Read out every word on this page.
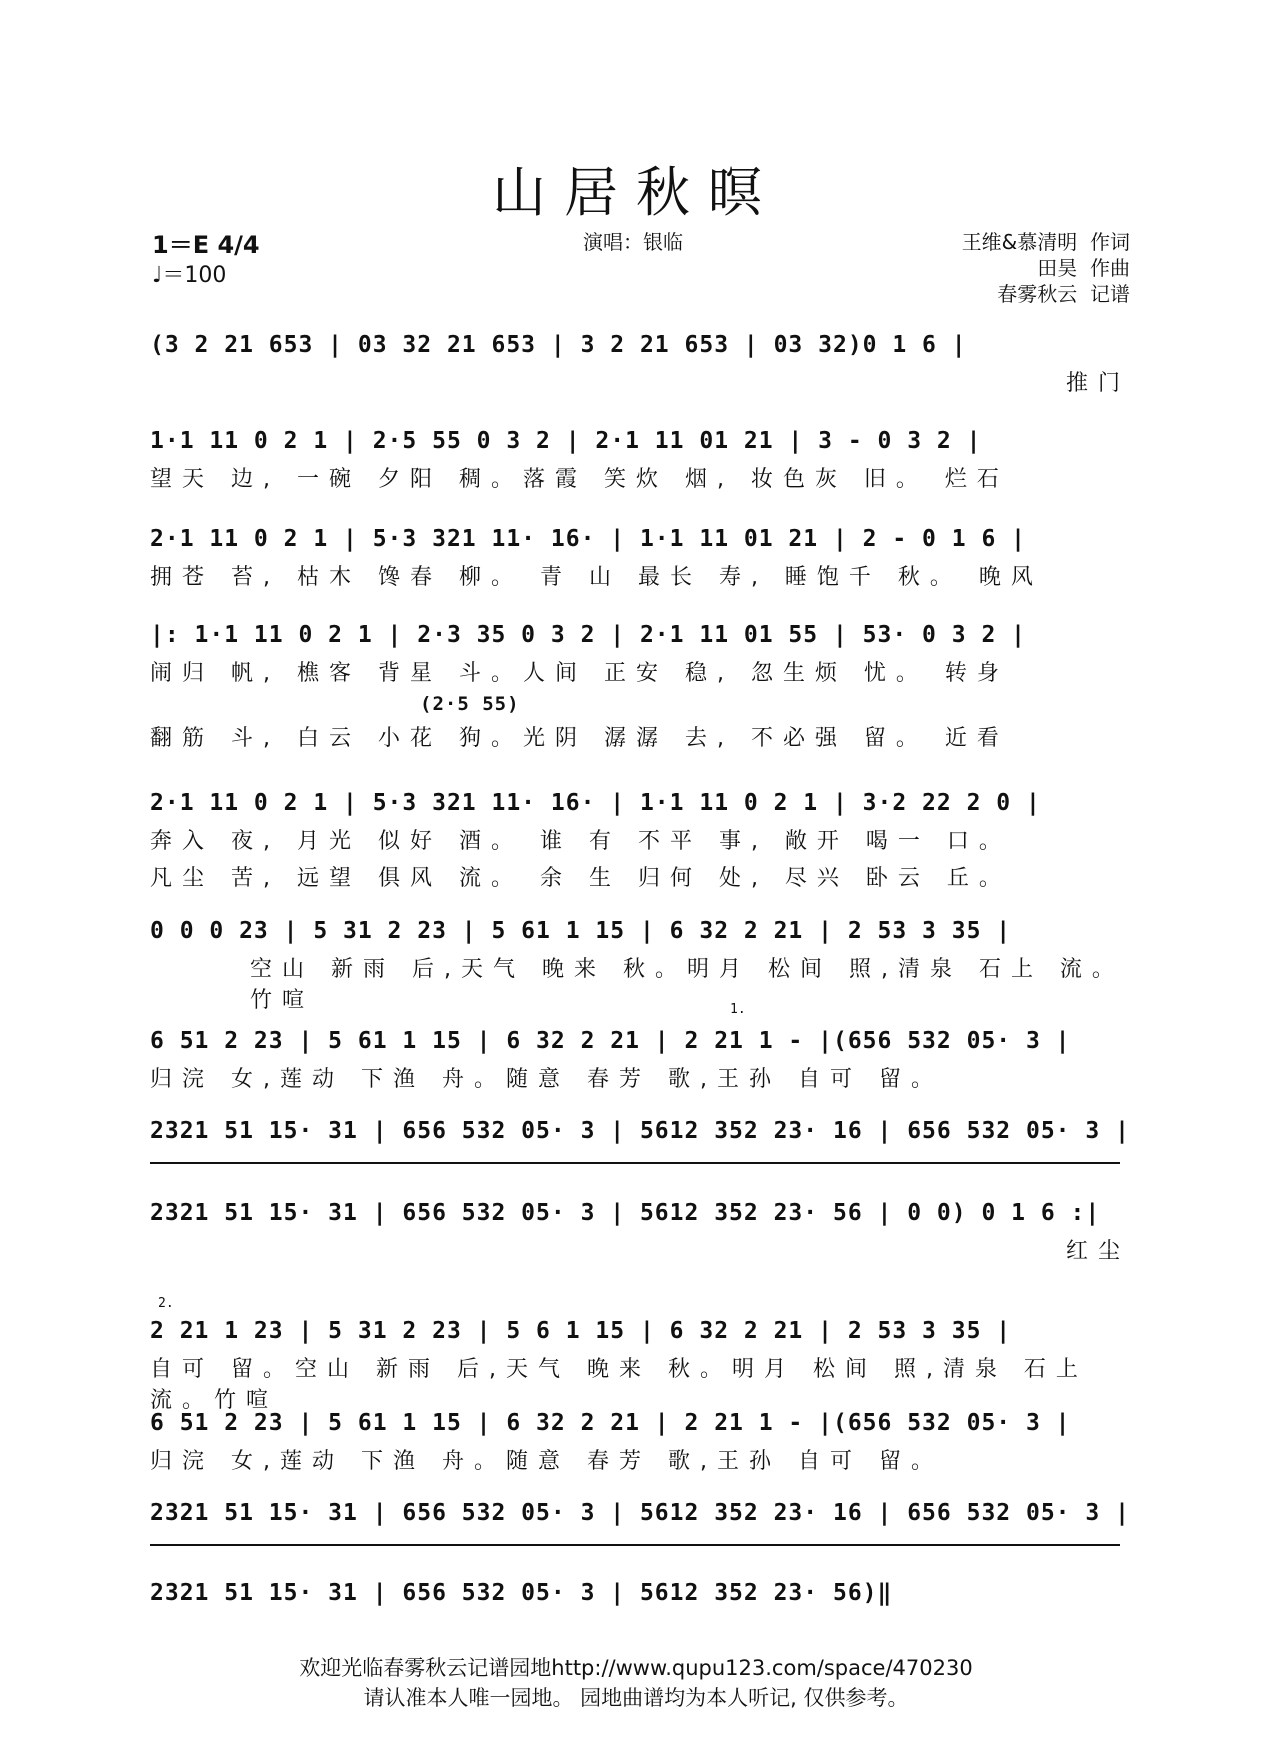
山居秋暝
1＝E 4/4
♩＝100
演唱：银临	王维&慕清明  作词
田昊  作曲
春雾秋云  记谱
(3 2 21 653 | 03 32 21 653 | 3 2 21 653 | 03 32)0 1 6 |
推门
1·1 11 0 2 1 | 2·5 55 0 3 2 | 2·1 11 01 21 | 3 - 0 3 2 |
望天 边, 一碗 夕阳 稠。落霞 笑炊 烟, 妆色灰 旧。 烂石
2·1 11 0 2 1 | 5·3 321 11· 16· | 1·1 11 01 21 | 2 - 0 1 6 |
拥苍 苔, 枯木 馋春 柳。 青 山 最长 寿, 睡饱千 秋。 晚风
|: 1·1 11 0 2 1 | 2·3 35 0 3 2 | 2·1 11 01 55 | 53· 0 3 2 |
闹归 帆, 樵客 背星 斗。人间 正安 稳, 忽生烦 忧。 转身
(2·5 55)
翻筋 斗, 白云 小花 狗。光阴 潺潺 去, 不必强 留。 近看
2·1 11 0 2 1 | 5·3 321 11· 16· | 1·1 11 0 2 1 | 3·2 22 2 0 |
奔入 夜, 月光 似好 酒。 谁 有 不平 事, 敞开 喝一 口。
凡尘 苦, 远望 俱风 流。 余 生 归何 处, 尽兴 卧云 丘。
0 0 0 23 | 5 31 2 23 | 5 61 1 15 | 6 32 2 21 | 2 53 3 35 |
空山 新雨 后,天气 晚来 秋。明月 松间 照,清泉 石上 流。竹喧	1.
6 51 2 23 | 5 61 1 15 | 6 32 2 21 | 2 21 1 - |(656 532 05· 3 |
归浣 女,莲动 下渔 舟。随意 春芳 歌,王孙 自可 留。
2321 51 15· 31 | 656 532 05· 3 | 5612 352 23· 16 | 656 532 05· 3 |
2321 51 15· 31 | 656 532 05· 3 | 5612 352 23· 56 | 0 0) 0 1 6 :|
红尘
2.
2 21 1 23 | 5 31 2 23 | 5 6 1 15 | 6 32 2 21 | 2 53 3 35 |
自可 留。空山 新雨 后,天气 晚来 秋。明月 松间 照,清泉 石上 流。竹喧
6 51 2 23 | 5 61 1 15 | 6 32 2 21 | 2 21 1 - |(656 532 05· 3 |
归浣 女,莲动 下渔 舟。随意 春芳 歌,王孙 自可 留。
2321 51 15· 31 | 656 532 05· 3 | 5612 352 23· 16 | 656 532 05· 3 |
2321 51 15· 31 | 656 532 05· 3 | 5612 352 23· 56)‖
欢迎光临春雾秋云记谱园地http://www.qupu123.com/space/470230
请认准本人唯一园地。 园地曲谱均为本人听记, 仅供参考。
